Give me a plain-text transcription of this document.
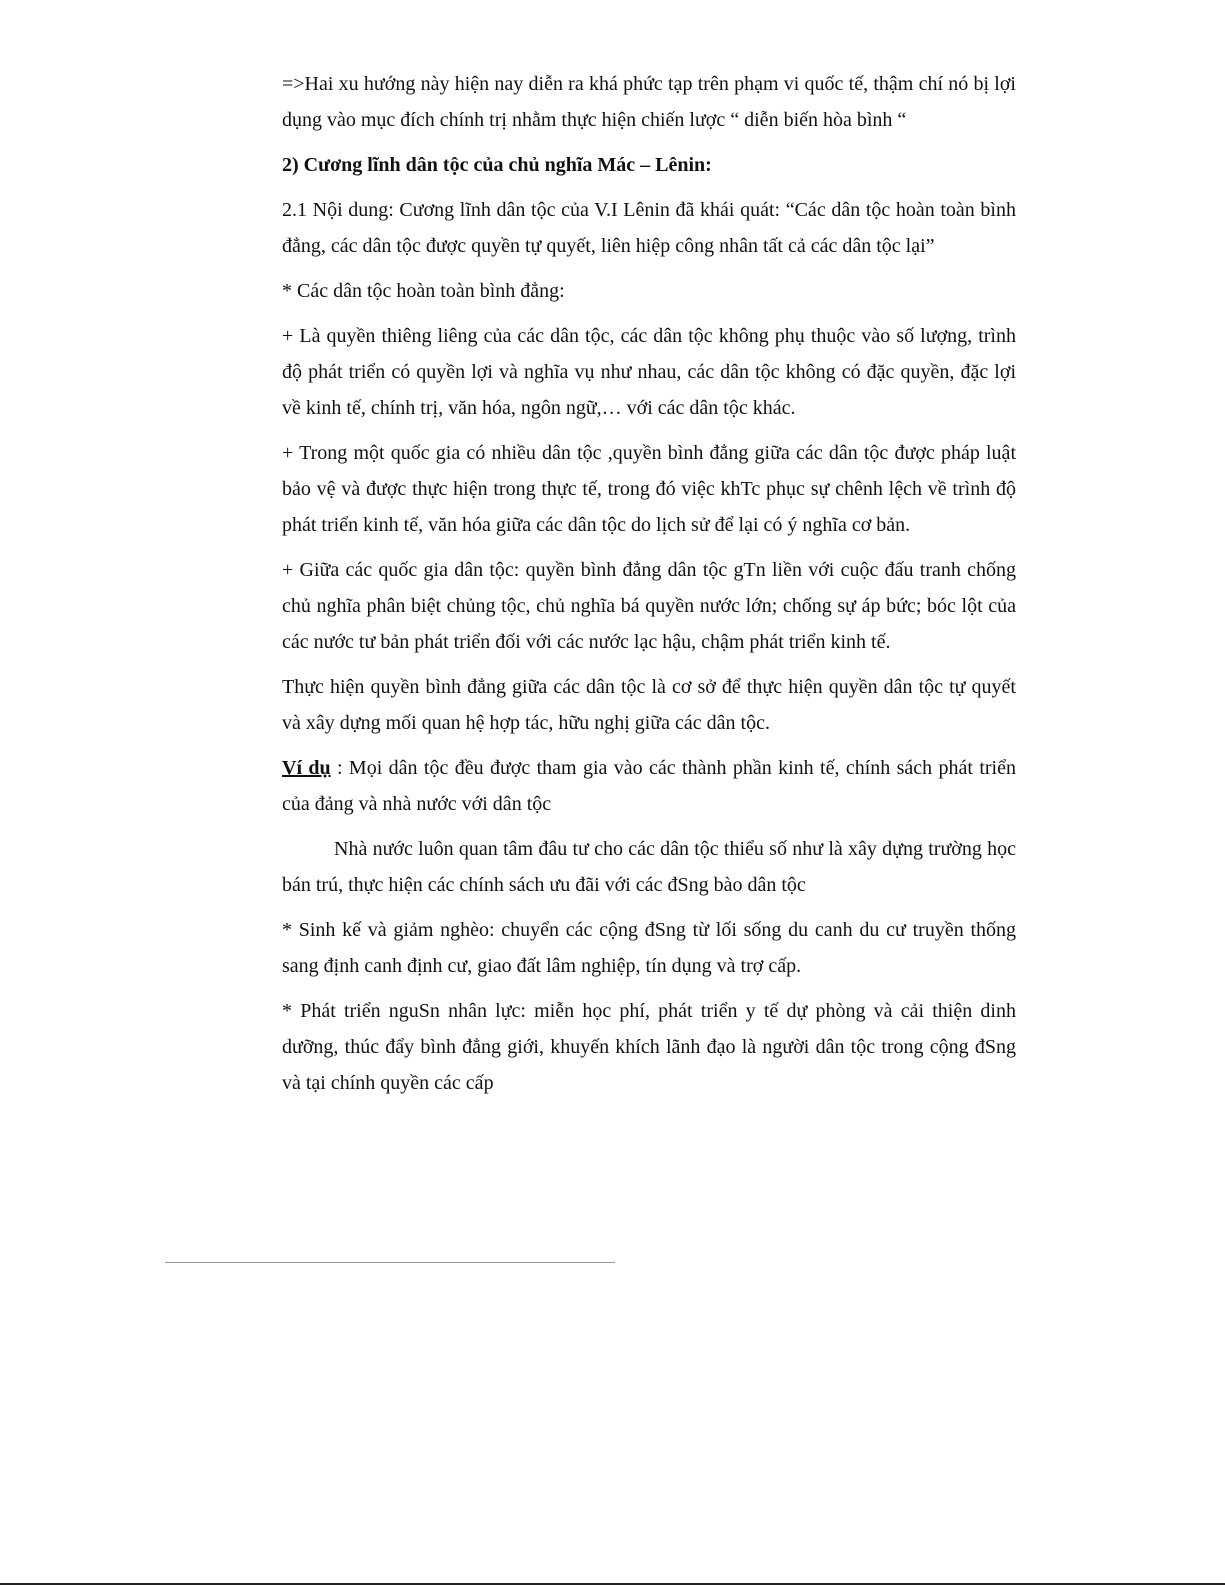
=>Hai xu hướng này hiện nay diễn ra khá phức tạp trên phạm vi quốc tế, thậm chí nó bị lợi dụng vào mục đích chính trị nhằm thực hiện chiến lược “ diễn biến hòa bình “

2) Cương lĩnh dân tộc của chủ nghĩa Mác – Lênin:

2.1 Nội dung: Cương lĩnh dân tộc của V.I Lênin đã khái quát: “Các dân tộc hoàn toàn bình đẳng, các dân tộc được quyền tự quyết, liên hiệp công nhân tất cả các dân tộc lại”

* Các dân tộc hoàn toàn bình đẳng:

+ Là quyền thiêng liêng của các dân tộc, các dân tộc không phụ thuộc vào số lượng, trình độ phát triển có quyền lợi và nghĩa vụ như nhau, các dân tộc không có đặc quyền, đặc lợi về kinh tế, chính trị, văn hóa, ngôn ngữ,… với các dân tộc khác.

+ Trong một quốc gia có nhiều dân tộc ,quyền bình đẳng giữa các dân tộc được pháp luật bảo vệ và được thực hiện trong thực tế, trong đó việc khTc phục sự chênh lệch về trình độ phát triển kinh tế, văn hóa giữa các dân tộc do lịch sử để lại có ý nghĩa cơ bản.

+ Giữa các quốc gia dân tộc: quyền bình đẳng dân tộc gTn liền với cuộc đấu tranh chống chủ nghĩa phân biệt chủng tộc, chủ nghĩa bá quyền nước lớn; chống sự áp bức; bóc lột của các nước tư bản phát triển đối với các nước lạc hậu, chậm phát triển kinh tế.

Thực hiện quyền bình đẳng giữa các dân tộc là cơ sở để thực hiện quyền dân tộc tự quyết và xây dựng mối quan hệ hợp tác, hữu nghị giữa các dân tộc.

Ví dụ : Mọi dân tộc đều được tham gia vào các thành phần kinh tế, chính sách phát triển của đảng và nhà nước với dân tộc

Nhà nước luôn quan tâm đâu tư cho các dân tộc thiểu số như là xây dựng trường học bán trú, thực hiện các chính sách ưu đãi với các đSng bào dân tộc

* Sinh kế và giảm nghèo: chuyển các cộng đSng từ lối sống du canh du cư truyền thống sang định canh định cư, giao đất lâm nghiệp, tín dụng và trợ cấp.

* Phát triển nguSn nhân lực: miễn học phí, phát triển y tế dự phòng và cải thiện dinh dưỡng, thúc đẩy bình đẳng giới, khuyến khích lãnh đạo là người dân tộc trong cộng đSng và tại chính quyền các cấp
